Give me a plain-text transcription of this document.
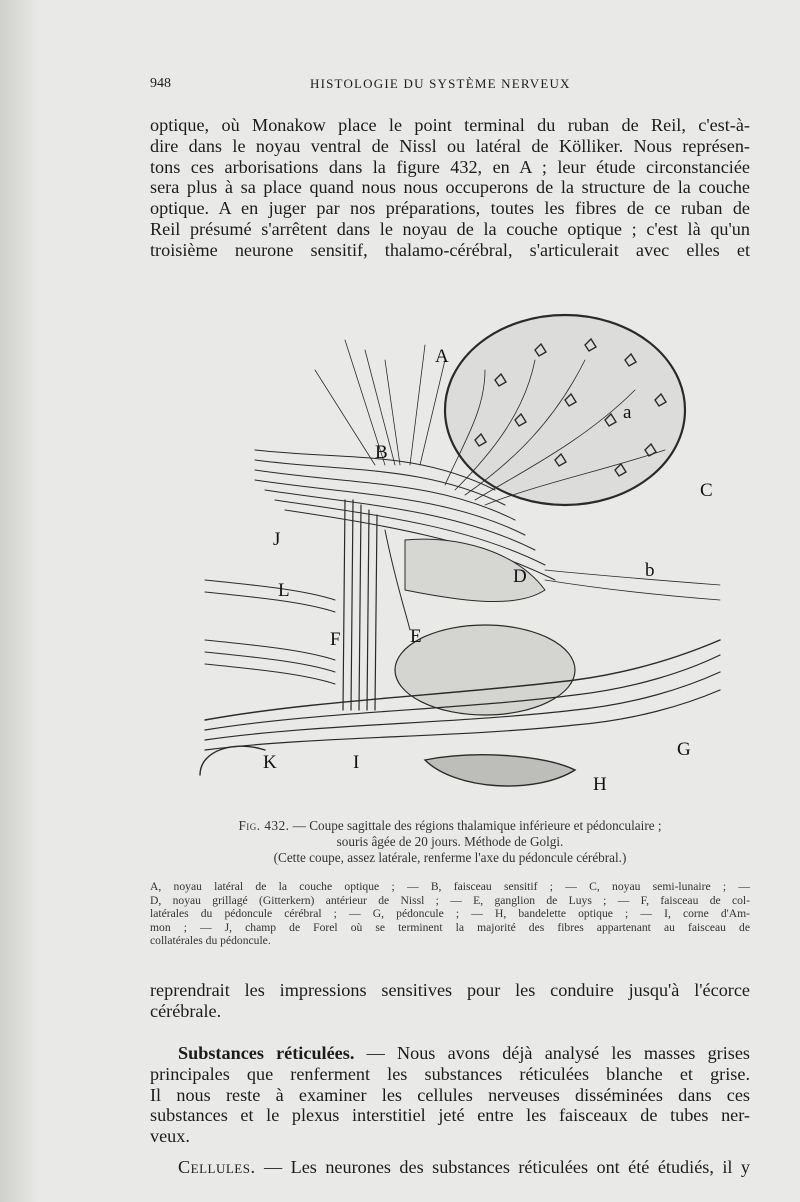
948	HISTOLOGIE DU SYSTÈME NERVEUX

optique, où Monakow place le point terminal du ruban de Reil, c'est-à-
dire dans le noyau ventral de Nissl ou latéral de Kölliker. Nous représen-
tons ces arborisations dans la figure 432, en A ; leur étude circonstanciée
sera plus à sa place quand nous nous occuperons de la structure de la couche
optique. A en juger par nos préparations, toutes les fibres de ce ruban de
Reil présumé s'arrêtent dans le noyau de la couche optique ; c'est là qu'un
troisième neurone sensitif, thalamo-cérébral, s'articulerait avec elles et

A
B
C
D
E
F
G
H
I
J
K
L
a
b
Fig. 432. — Coupe sagittale des régions thalamique inférieure et pédonculaire ;
souris âgée de 20 jours. Méthode de Golgi.
(Cette coupe, assez latérale, renferme l'axe du pédoncule cérébral.)
A, noyau latéral de la couche optique ; — B, faisceau sensitif ; — C, noyau semi-lunaire ; —
D, noyau grillagé (Gitterkern) antérieur de Nissl ; — E, ganglion de Luys ; — F, faisceau de col-
latérales du pédoncule cérébral ; — G, pédoncule ; — H, bandelette optique ; — I, corne d'Am-
mon ; — J, champ de Forel où se terminent la majorité des fibres appartenant au faisceau de
collatérales du pédoncule.

reprendrait les impressions sensitives pour les conduire jusqu'à l'écorce
cérébrale.

Substances réticulées. — Nous avons déjà analysé les masses grises
principales que renferment les substances réticulées blanche et grise.
Il nous reste à examiner les cellules nerveuses disséminées dans ces
substances et le plexus interstitiel jeté entre les faisceaux de tubes ner-
veux.

Cellules. — Les neurones des substances réticulées ont été étudiés, il y
